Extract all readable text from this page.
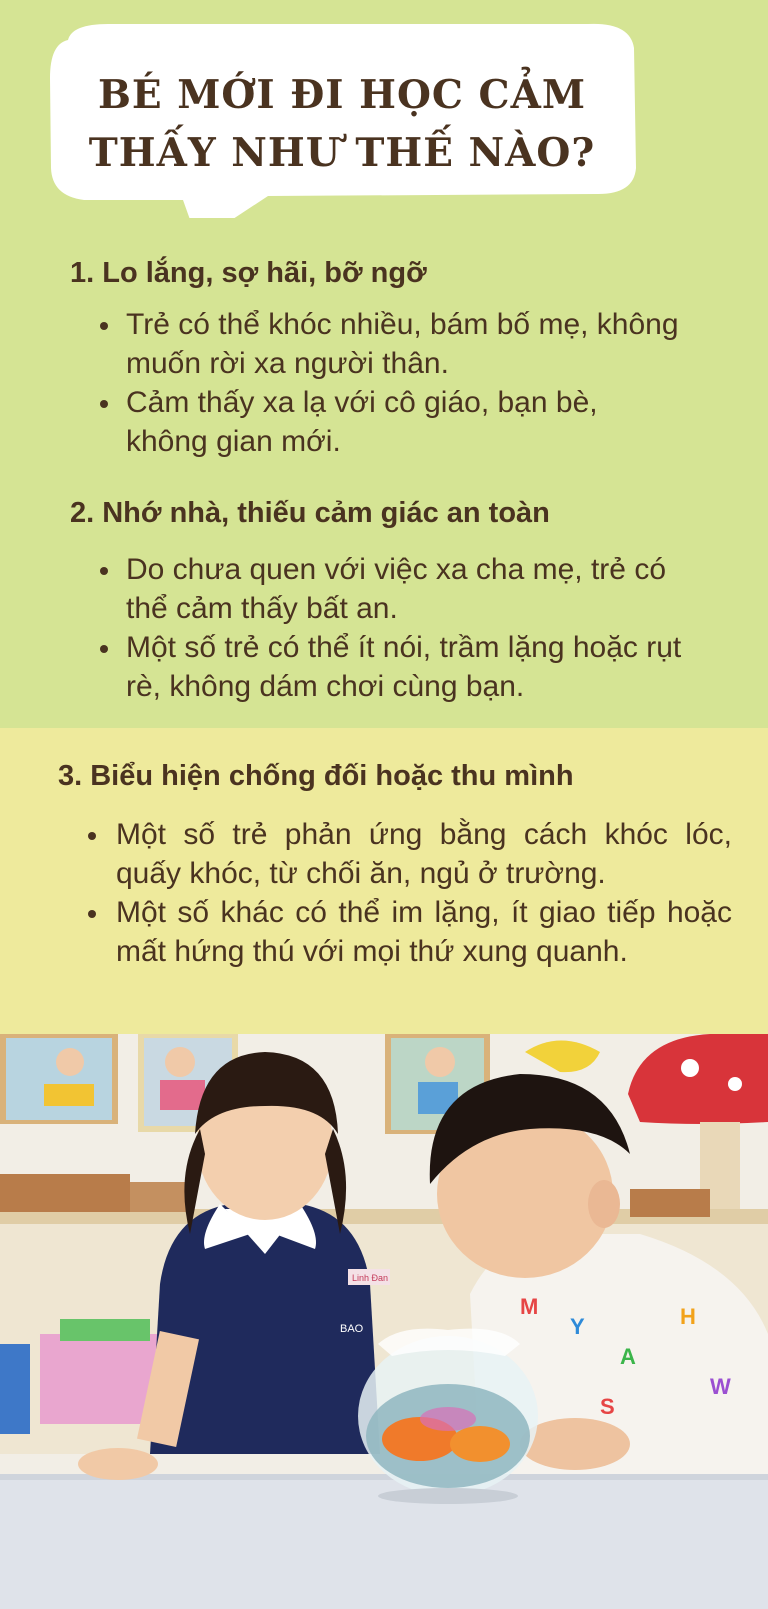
BÉ MỚI ĐI HỌC CẢM THẤY NHƯ THẾ NÀO?
1. Lo lắng, sợ hãi, bỡ ngỡ
Trẻ có thể khóc nhiều, bám bố mẹ, không muốn rời xa người thân.
Cảm thấy xa lạ với cô giáo, bạn bè, không gian mới.
2. Nhớ nhà, thiếu cảm giác an toàn
Do chưa quen với việc xa cha mẹ, trẻ có thể cảm thấy bất an.
Một số trẻ có thể ít nói, trầm lặng hoặc rụt rè, không dám chơi cùng bạn.
3. Biểu hiện chống đối hoặc thu mình
Một số trẻ phản ứng bằng cách khóc lóc, quấy khóc, từ chối ăn, ngủ ở trường.
Một số khác có thể im lặng, ít giao tiếp hoặc mất hứng thú với mọi thứ xung quanh.
Linh Đan
BAO
M
Y
A
H
W
S
